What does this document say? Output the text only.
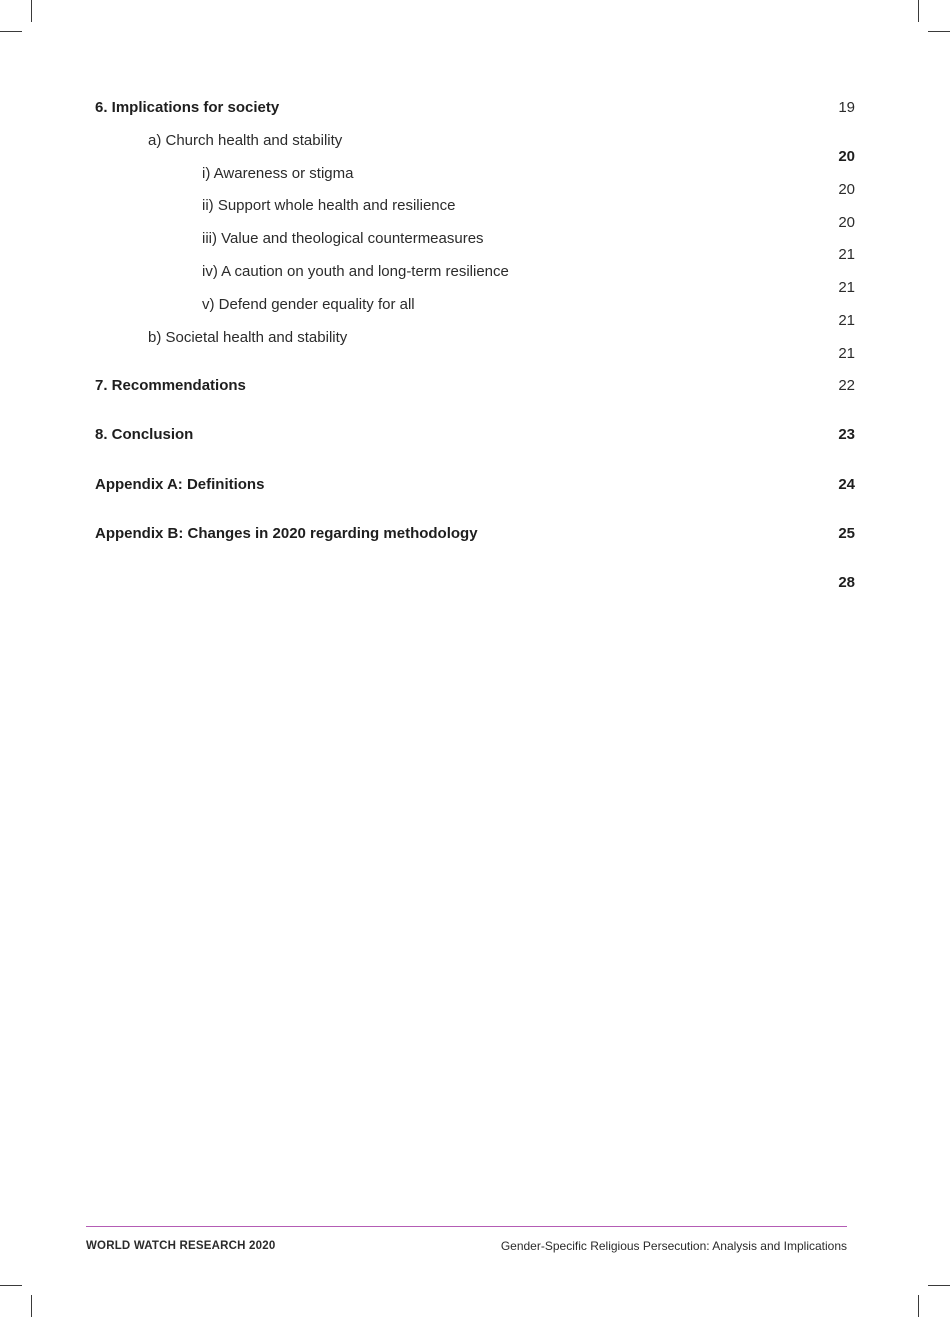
6. Implications for society
a) Church health and stability
i) Awareness or stigma
ii) Support whole health and resilience
iii) Value and theological countermeasures
iv) A caution on youth and long-term resilience
v) Defend gender equality for all
b) Societal health and stability
7. Recommendations
8. Conclusion
Appendix A: Definitions
Appendix B: Changes in 2020 regarding methodology
19
20
20
20
21
21
21
21
22
23
24
25
28
WORLD WATCH RESEARCH 2020	Gender-Specific Religious Persecution: Analysis and Implications
